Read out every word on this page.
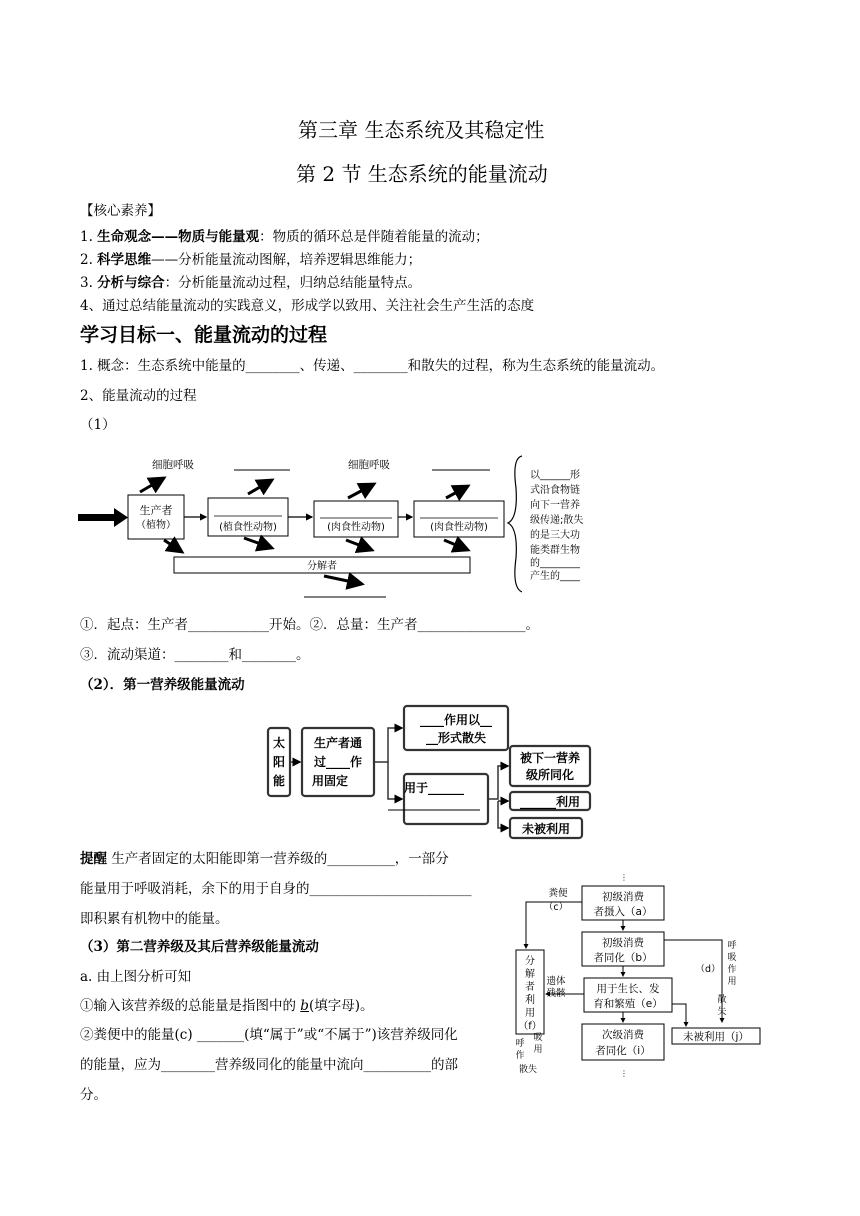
第三章 生态系统及其稳定性
第 2 节 生态系统的能量流动
【核心素养】
1. 生命观念——物质与能量观：物质的循环总是伴随着能量的流动；
2. 科学思维——分析能量流动图解，培养逻辑思维能力；
3. 分析与综合：分析能量流动过程，归纳总结能量特点。
4、通过总结能量流动的实践意义，形成学以致用、关注社会生产生活的态度
学习目标一、能量流动的过程
1. 概念：生态系统中能量的________、传递、________和散失的过程，称为生态系统的能量流动。
2、能量流动的过程
（1）
生产者
（植物）	(植食性动物)	(肉食性动物)	(肉食性动物)
分解者
细胞呼吸	细胞呼吸
以______形
式沿食物链
向下一营养
级传递;散失
的是三大功
能类群生物
的________
产生的____
①．起点：生产者____________开始。②．总量：生产者________________。
③．流动渠道：________和________。
（2）．第一营养级能量流动
太
阳
能
生产者通
过____作
用固定
____作用以__
__形式散失
用于______
被下一营养
级所同化
______利用
未被利用
提醒 生产者固定的太阳能即第一营养级的__________，一部分
能量用于呼吸消耗，余下的用于自身的________________________
即积累有机物中的能量。
（3）第二营养级及其后营养级能量流动
a. 由上图分析可知
①输入该营养级的总能量是指图中的 b(填字母)。
②粪便中的能量(c) _______(填“属于”或“不属于”)该营养级同化
的能量，应为________营养级同化的能量中流向__________的部
分。
⋮
初级消费
者摄入（a）
初级消费
者同化（b）
用于生长、发
育和繁殖（e）
次级消费
者同化（i）
未被利用（j）
粪便
（c）
遗体
残骸
（d）
分
解
者
利
用
（f）
呼
吸
作
用
散
失
呼
作
吸
用
散失	⋮
